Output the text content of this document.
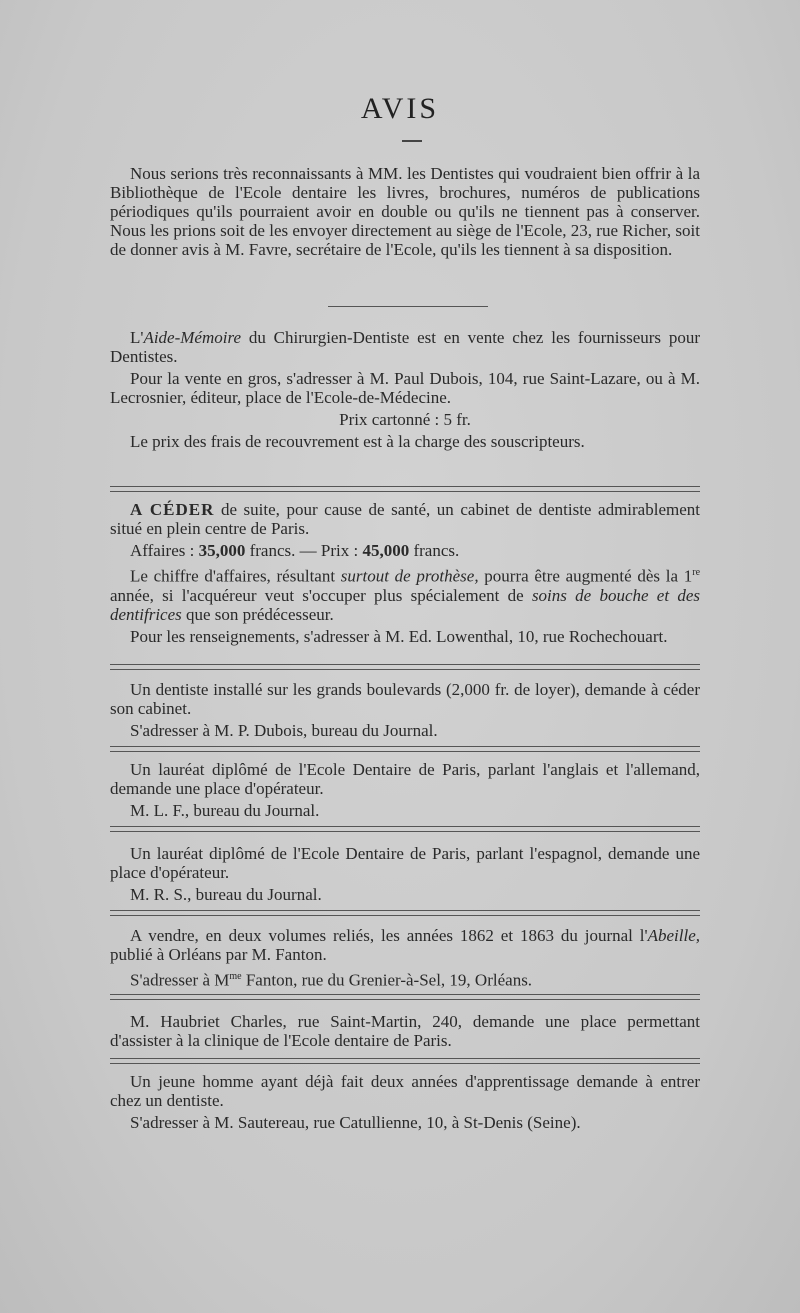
AVIS

Nous serions très reconnaissants à MM. les Dentistes qui voudraient bien offrir à la Bibliothèque de l'Ecole dentaire les livres, brochures, numéros de publications périodiques qu'ils pourraient avoir en double ou qu'ils ne tiennent pas à conserver. Nous les prions soit de les envoyer directement au siège de l'Ecole, 23, rue Richer, soit de donner avis à M. Favre, secrétaire de l'Ecole, qu'ils les tiennent à sa disposition.

L'Aide-Mémoire du Chirurgien-Dentiste est en vente chez les fournisseurs pour Dentistes.

Pour la vente en gros, s'adresser à M. Paul Dubois, 104, rue Saint-Lazare, ou à M. Lecrosnier, éditeur, place de l'Ecole-de-Médecine.

Prix cartonné : 5 fr.

Le prix des frais de recouvrement est à la charge des souscripteurs.

A CÉDER de suite, pour cause de santé, un cabinet de dentiste admirablement situé en plein centre de Paris.

Affaires : 35,000 francs. — Prix : 45,000 francs.

Le chiffre d'affaires, résultant surtout de prothèse, pourra être augmenté dès la 1re année, si l'acquéreur veut s'occuper plus spécialement de soins de bouche et des dentifrices que son prédécesseur.

Pour les renseignements, s'adresser à M. Ed. Lowenthal, 10, rue Rochechouart.

Un dentiste installé sur les grands boulevards (2,000 fr. de loyer), demande à céder son cabinet.

S'adresser à M. P. Dubois, bureau du Journal.

Un lauréat diplômé de l'Ecole Dentaire de Paris, parlant l'anglais et l'allemand, demande une place d'opérateur.

M. L. F., bureau du Journal.

Un lauréat diplômé de l'Ecole Dentaire de Paris, parlant l'espagnol, demande une place d'opérateur.

M. R. S., bureau du Journal.

A vendre, en deux volumes reliés, les années 1862 et 1863 du journal l'Abeille, publié à Orléans par M. Fanton.

S'adresser à $M^{me}$ Fanton, rue du Grenier-à-Sel, 19, Orléans.

M. Haubriet Charles, rue Saint-Martin, 240, demande une place permettant d'assister à la clinique de l'Ecole dentaire de Paris.

Un jeune homme ayant déjà fait deux années d'apprentissage demande à entrer chez un dentiste.

S'adresser à M. Sautereau, rue Catullienne, 10, à St-Denis (Seine).
